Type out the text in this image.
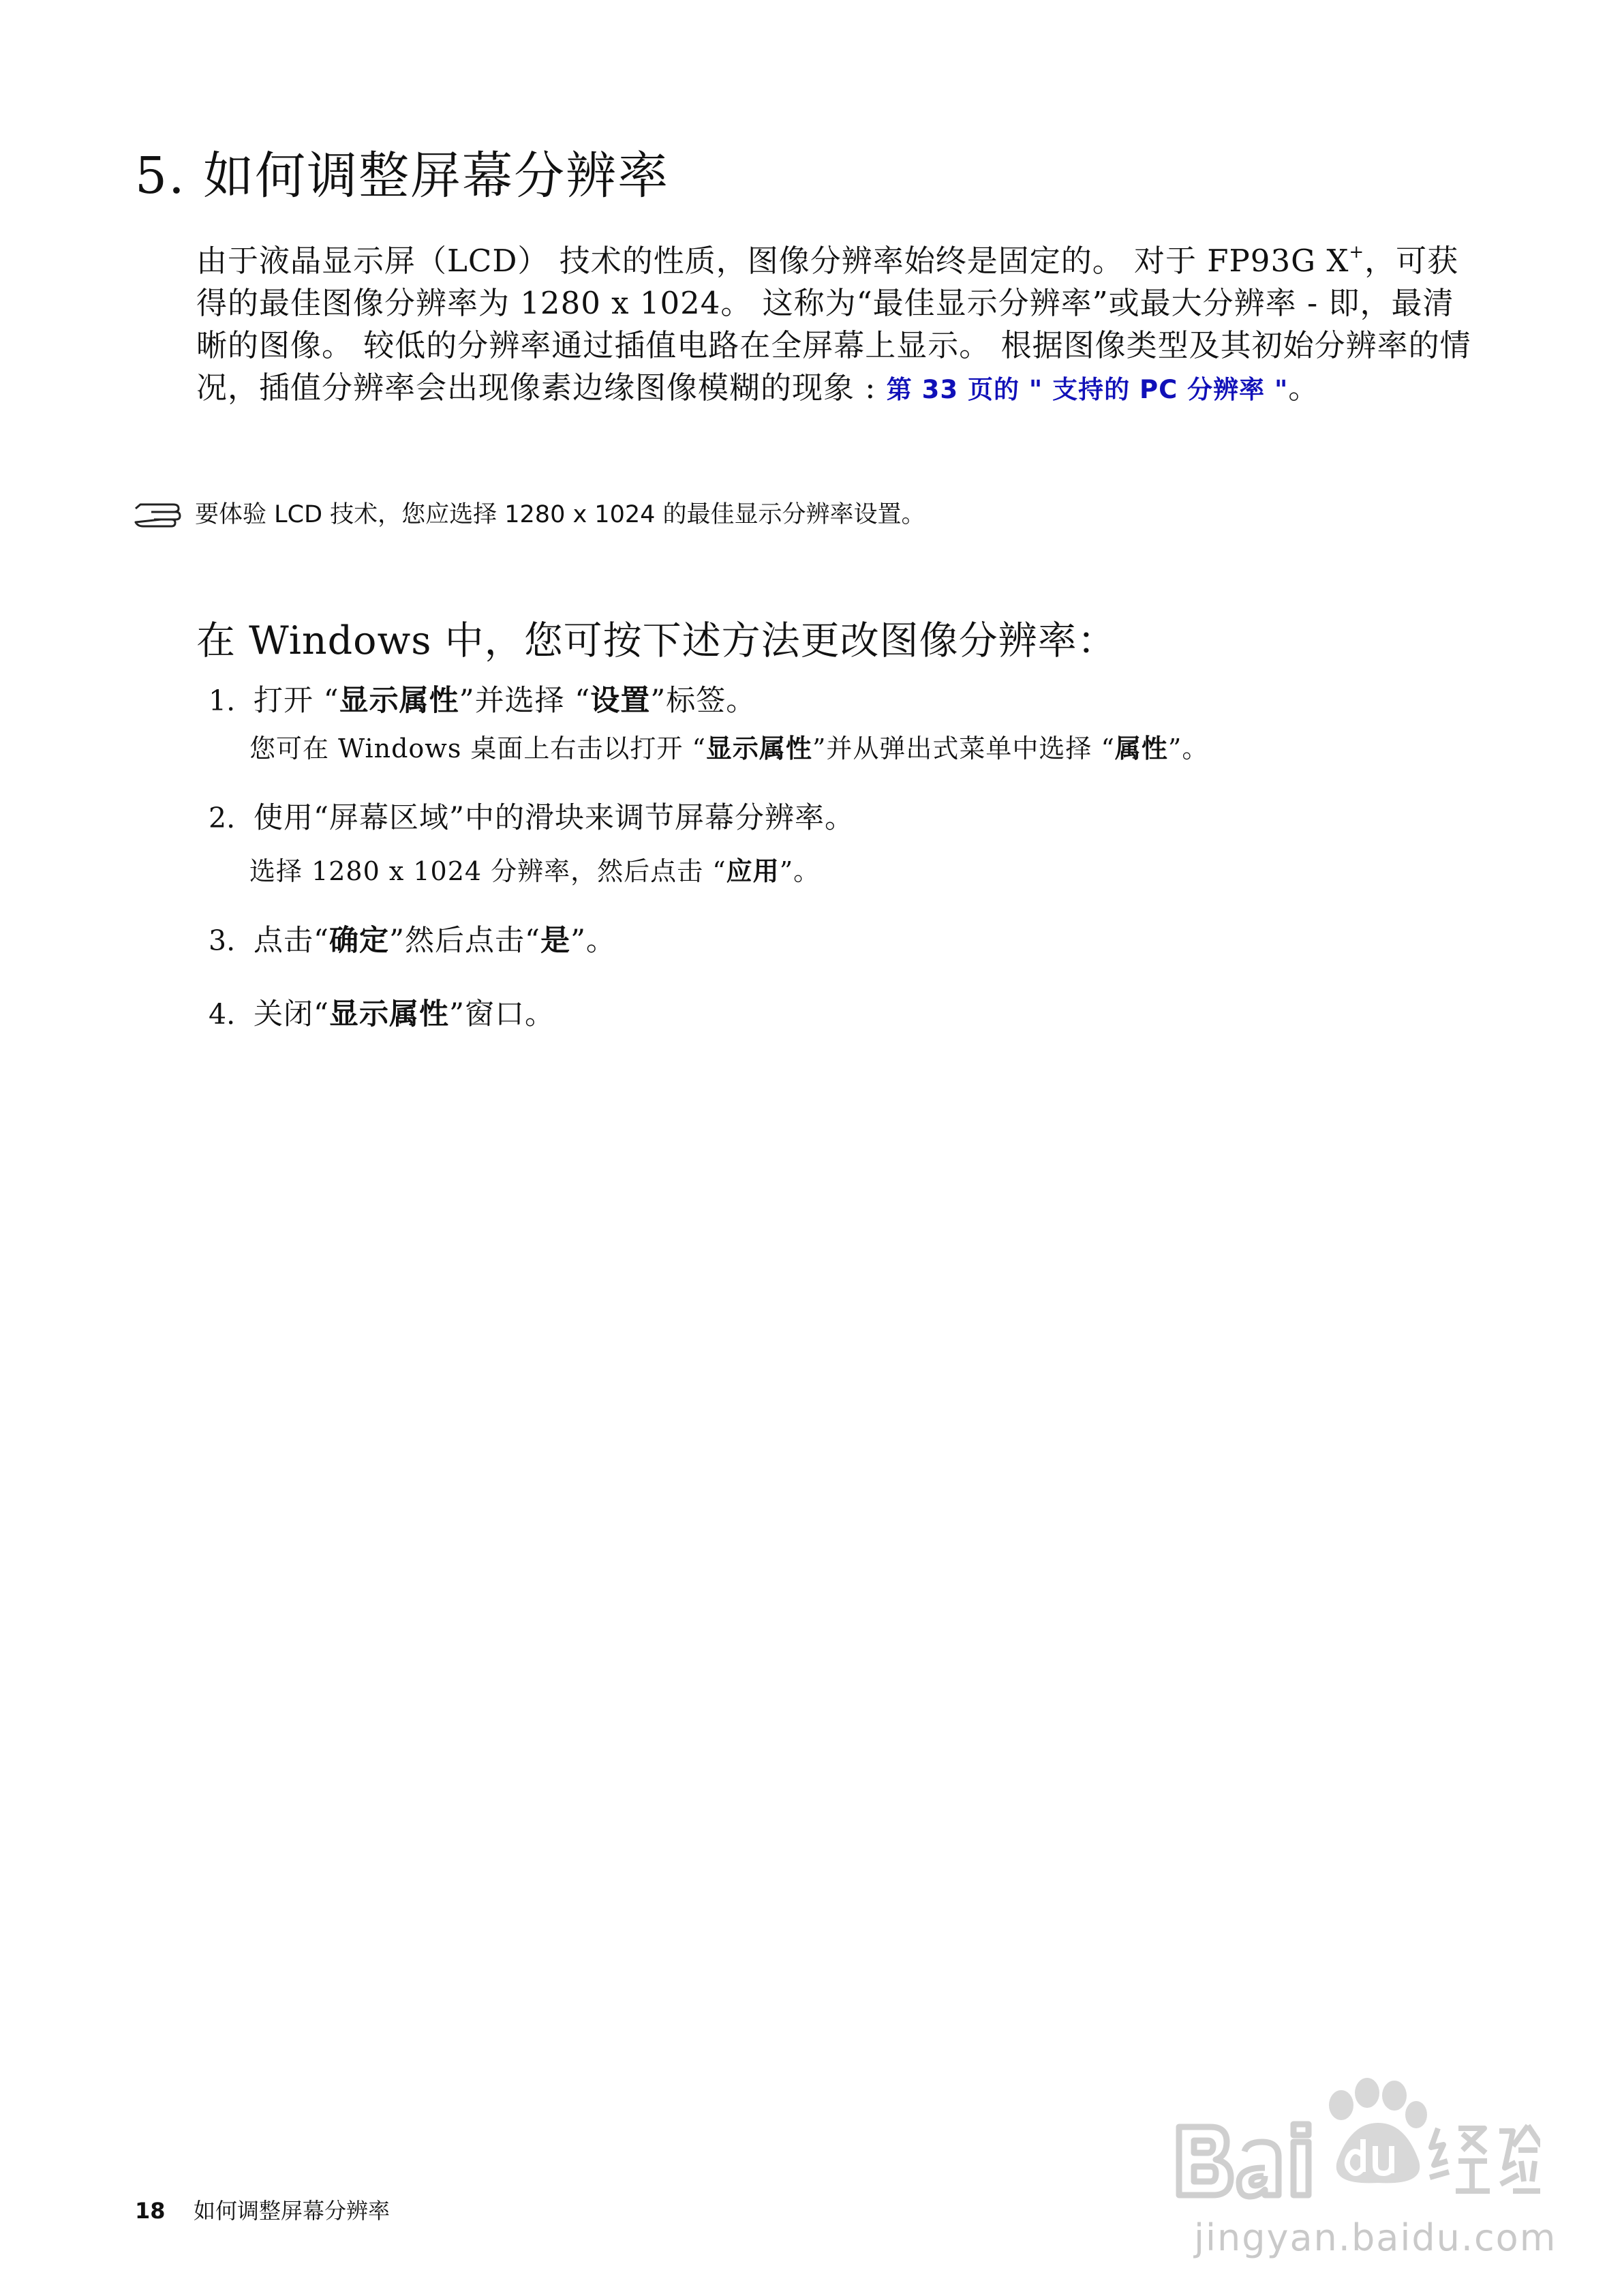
5. 如何调整屏幕分辨率
由于液晶显示屏（LCD） 技术的性质，图像分辨率始终是固定的。 对于 FP93G X+，可获得的最佳图像分辨率为 1280 x 1024。 这称为“最佳显示分辨率”或最大分辨率 - 即，最清晰的图像。 较低的分辨率通过插值电路在全屏幕上显示。 根据图像类型及其初始分辨率的情况，插值分辨率会出现像素边缘图像模糊的现象 : 第 33 页的 " 支持的 PC 分辨率 "。
要体验 LCD 技术，您应选择 1280 x 1024 的最佳显示分辨率设置。
在 Windows 中，您可按下述方法更改图像分辨率：
1. 打开 “显示属性”并选择 “设置”标签。
您可在 Windows 桌面上右击以打开 “显示属性”并从弹出式菜单中选择 “属性”。
2. 使用“屏幕区域”中的滑块来调节屏幕分辨率。
选择 1280 x 1024 分辨率，然后点击 “应用”。
3. 点击“确定”然后点击“是”。
4. 关闭“显示属性”窗口。
jingyan.baidu.com
18 如何调整屏幕分辨率
